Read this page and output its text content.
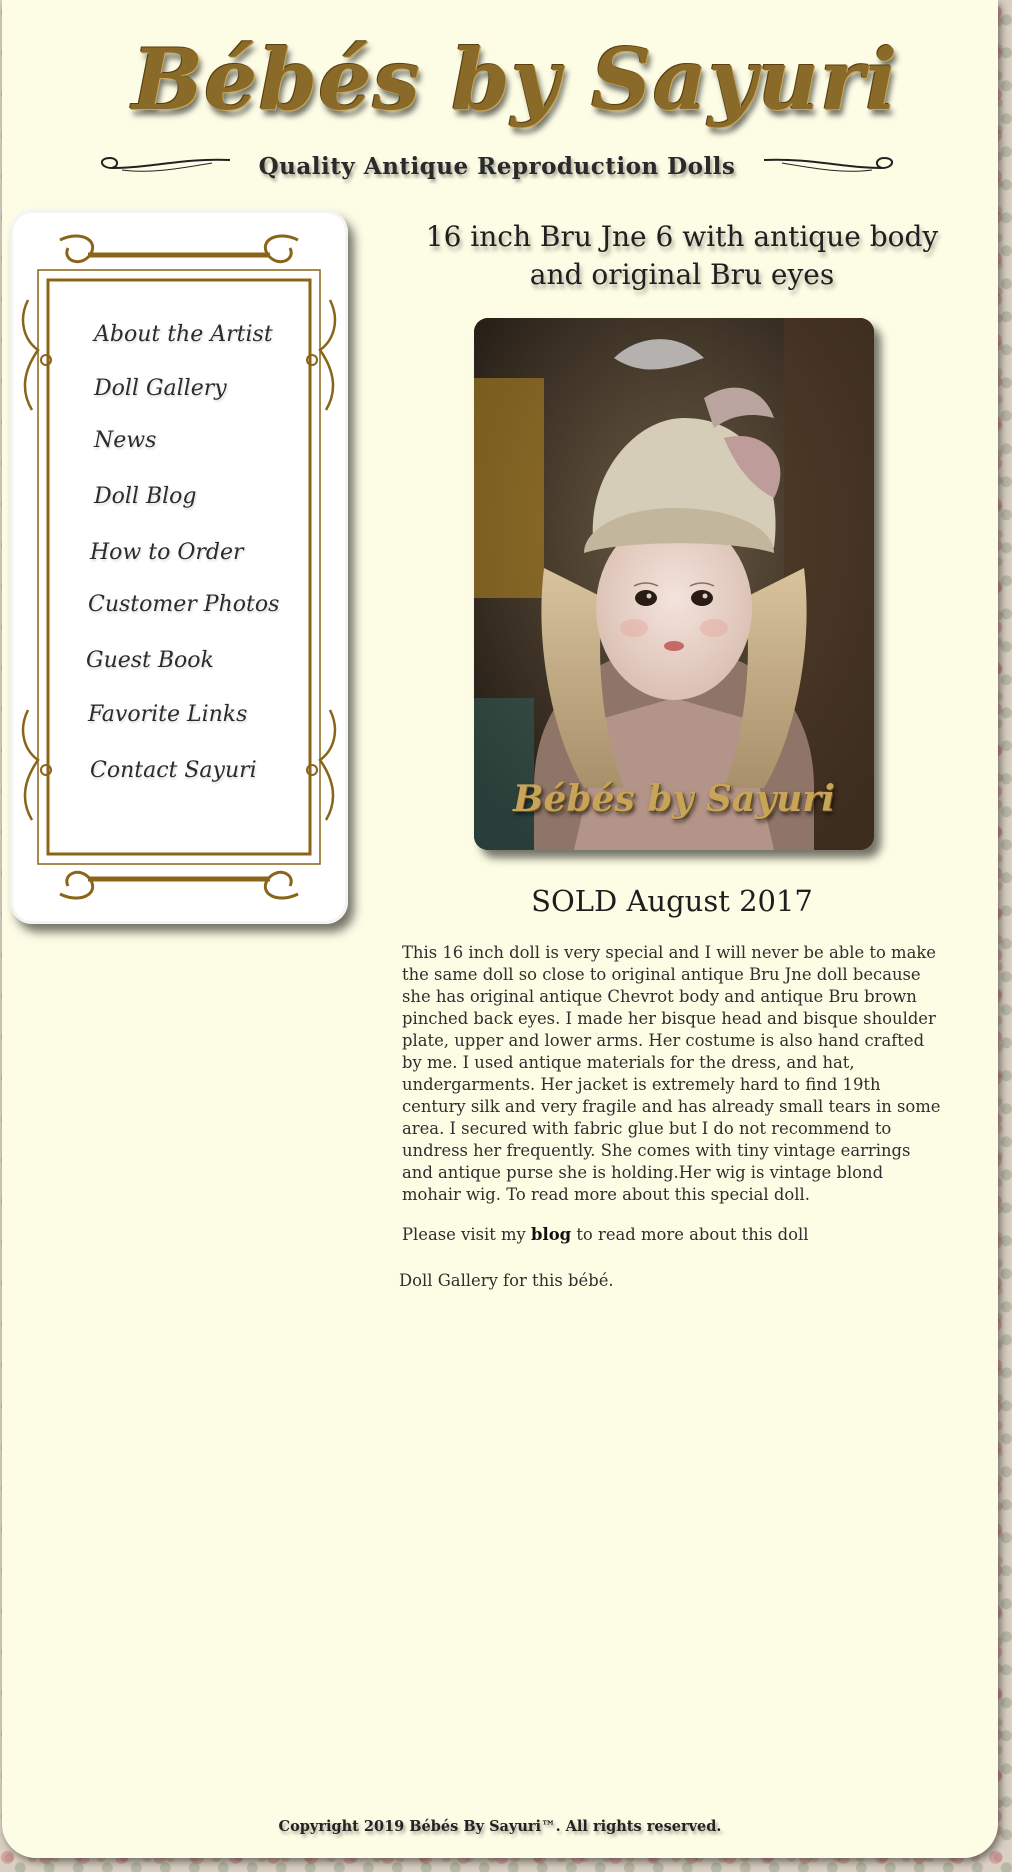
Bébés by Sayuri
Quality Antique Reproduction Dolls
About the Artist
Doll Gallery
News
Doll Blog
How to Order
Customer Photos
Guest Book
Favorite Links
Contact Sayuri
16 inch Bru Jne 6 with antique body and original Bru eyes
Bébés by Sayuri
SOLD August 2017
This 16 inch doll is very special and I will never be able to make the same doll so close to original antique Bru Jne doll because she has original antique Chevrot body and antique Bru brown pinched back eyes. I made her bisque head and bisque shoulder plate, upper and lower arms. Her costume is also hand crafted by me. I used antique materials for the dress, and hat, undergarments. Her jacket is extremely hard to find 19th century silk and very fragile and has already small tears in some area. I secured with fabric glue but I do not recommend to undress her frequently. She comes with tiny vintage earrings and antique purse she is holding.Her wig is vintage blond mohair wig. To read more about this special doll.
Please visit my blog to read more about this doll
Doll Gallery for this bébé.
Copyright 2019 Bébés By Sayuri™. All rights reserved.
